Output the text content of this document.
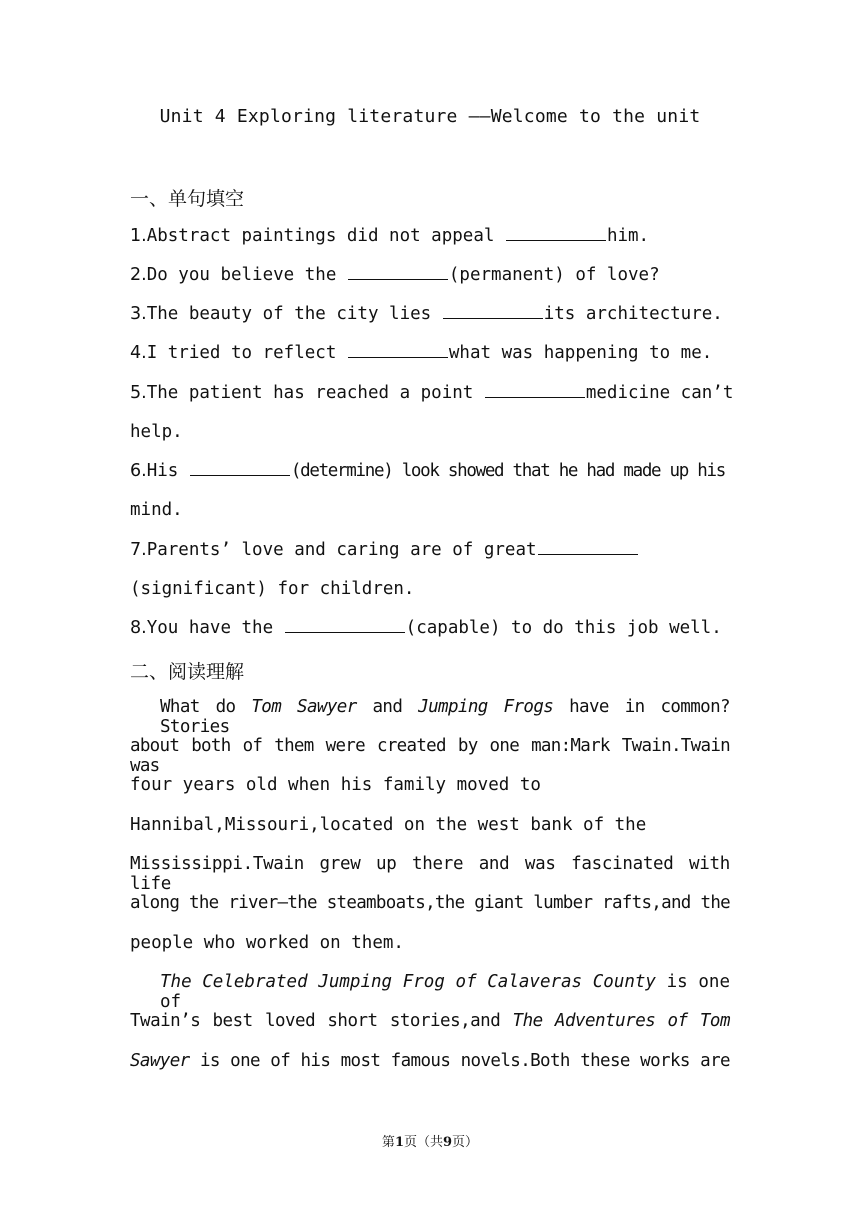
Unit 4 Exploring literature ——Welcome to the unit
一、单句填空
1.Abstract paintings did not appeal	him.
2.Do you believe the	(permanent) of love?
3.The beauty of the city lies	its architecture.
4.I tried to reflect	what was happening to me.
5.The patient has reached a point	medicine can’t
help.
6.His	(determine) look showed that he had made up his
mind.
7.Parents’ love and caring are of great
(significant) for children.
8.You have the	(capable) to do this job well.
二、阅读理解
What do Tom Sawyer and Jumping Frogs have in common?Stories
about both of them were created by one man:Mark Twain.Twain was
four years old when his family moved to
Hannibal,Missouri,located on the west bank of the
Mississippi.Twain grew up there and was fascinated with life
along the river—the steamboats,the giant lumber rafts,and the
people who worked on them.
The Celebrated Jumping Frog of Calaveras County is one of
Twain’s best loved short stories,and The Adventures of Tom
Sawyer is one of his most famous novels.Both these works are
第1页（共9页）
